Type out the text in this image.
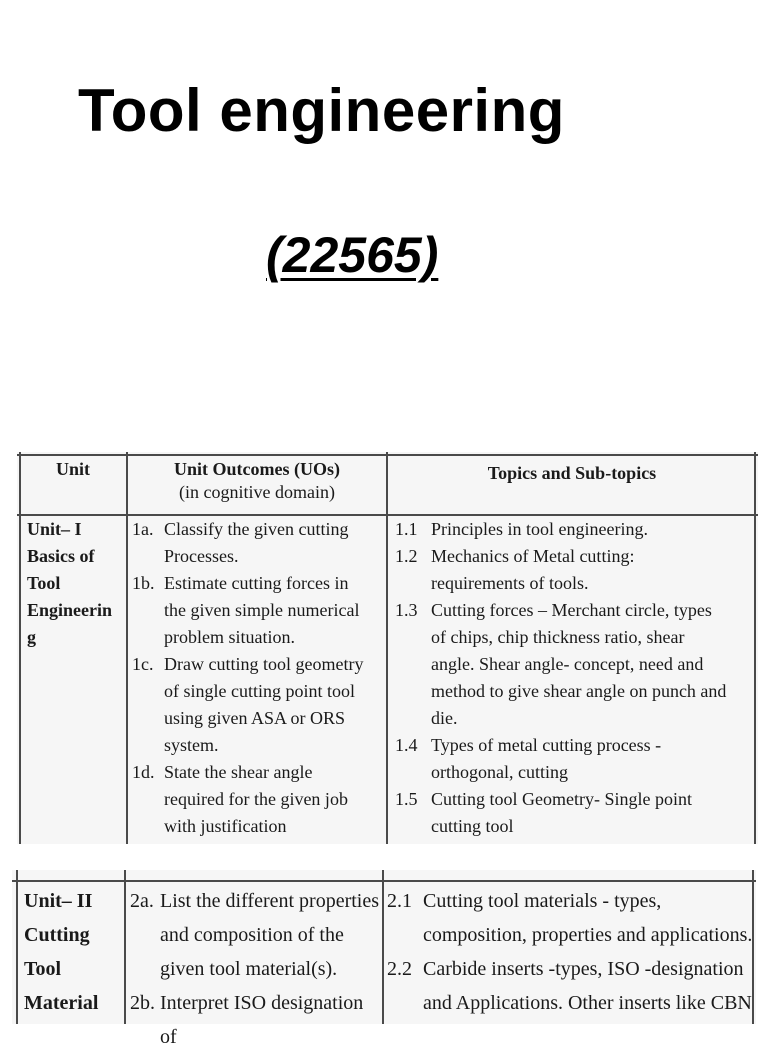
Tool engineering
(22565)
Unit	Unit Outcomes (UOs)
(in cognitive domain)
Topics and Sub-topics
Unit– I
Basics of
Tool
Engineerin
g
1a. Classify the given cutting
Processes.
1b. Estimate cutting forces in
the given simple numerical
problem situation.
1c. Draw cutting tool geometry
of single cutting point tool
using given ASA or ORS
system.
1d. State the shear angle
required for the given job
with justification
1.1 Principles in tool engineering.
1.2 Mechanics of Metal cutting:
requirements of tools.
1.3 Cutting forces – Merchant circle, types
of chips, chip thickness ratio, shear
angle. Shear angle- concept, need and
method to give shear angle on punch and
die.
1.4 Types of metal cutting process -
orthogonal, cutting
1.5 Cutting tool Geometry- Single point
cutting tool
Unit– II
Cutting
Tool
Material
2a. List the different properties
and composition of the
given tool material(s).
2b. Interpret ISO designation of
2.1 Cutting tool materials - types,
composition, properties and applications.
2.2 Carbide inserts -types, ISO -designation
and Applications. Other inserts like CBN
